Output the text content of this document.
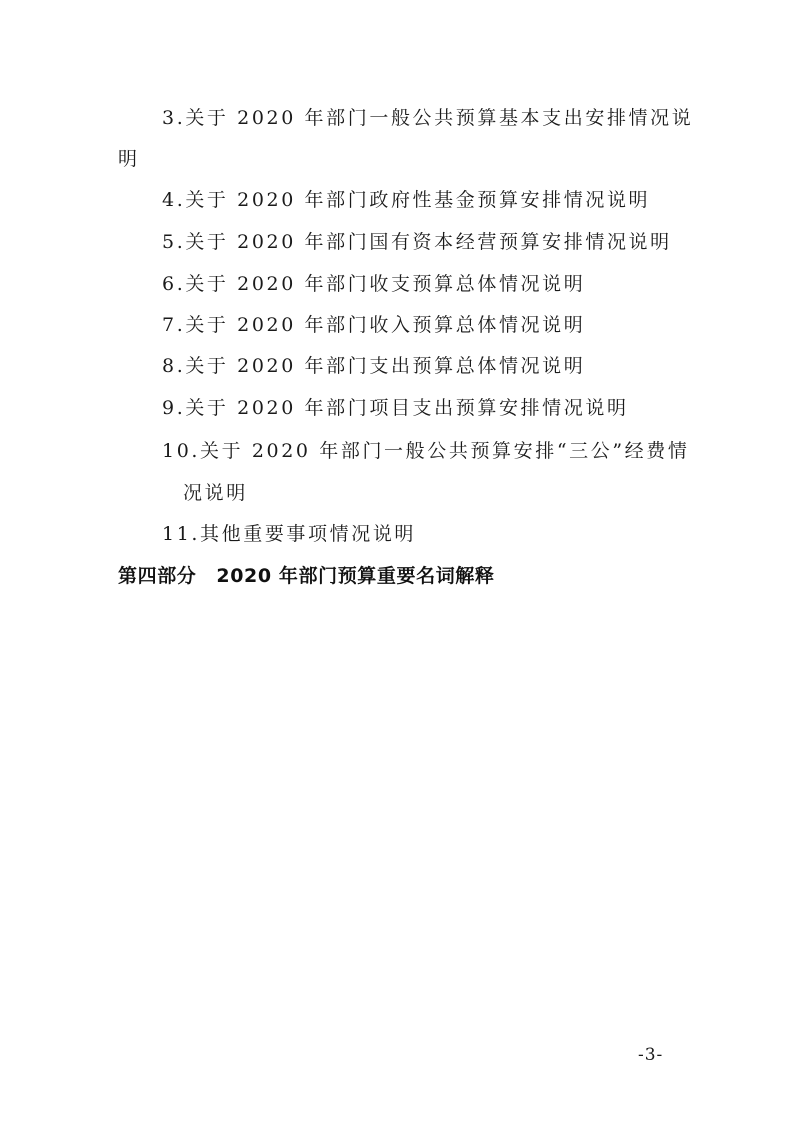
3.关于 2020 年部门一般公共预算基本支出安排情况说
明
4.关于 2020 年部门政府性基金预算安排情况说明
5.关于 2020 年部门国有资本经营预算安排情况说明
6.关于 2020 年部门收支预算总体情况说明
7.关于 2020 年部门收入预算总体情况说明
8.关于 2020 年部门支出预算总体情况说明
9.关于 2020 年部门项目支出预算安排情况说明
10.关于 2020 年部门一般公共预算安排“三公”经费情
况说明
11.其他重要事项情况说明
第四部分 2020 年部门预算重要名词解释
-3-
